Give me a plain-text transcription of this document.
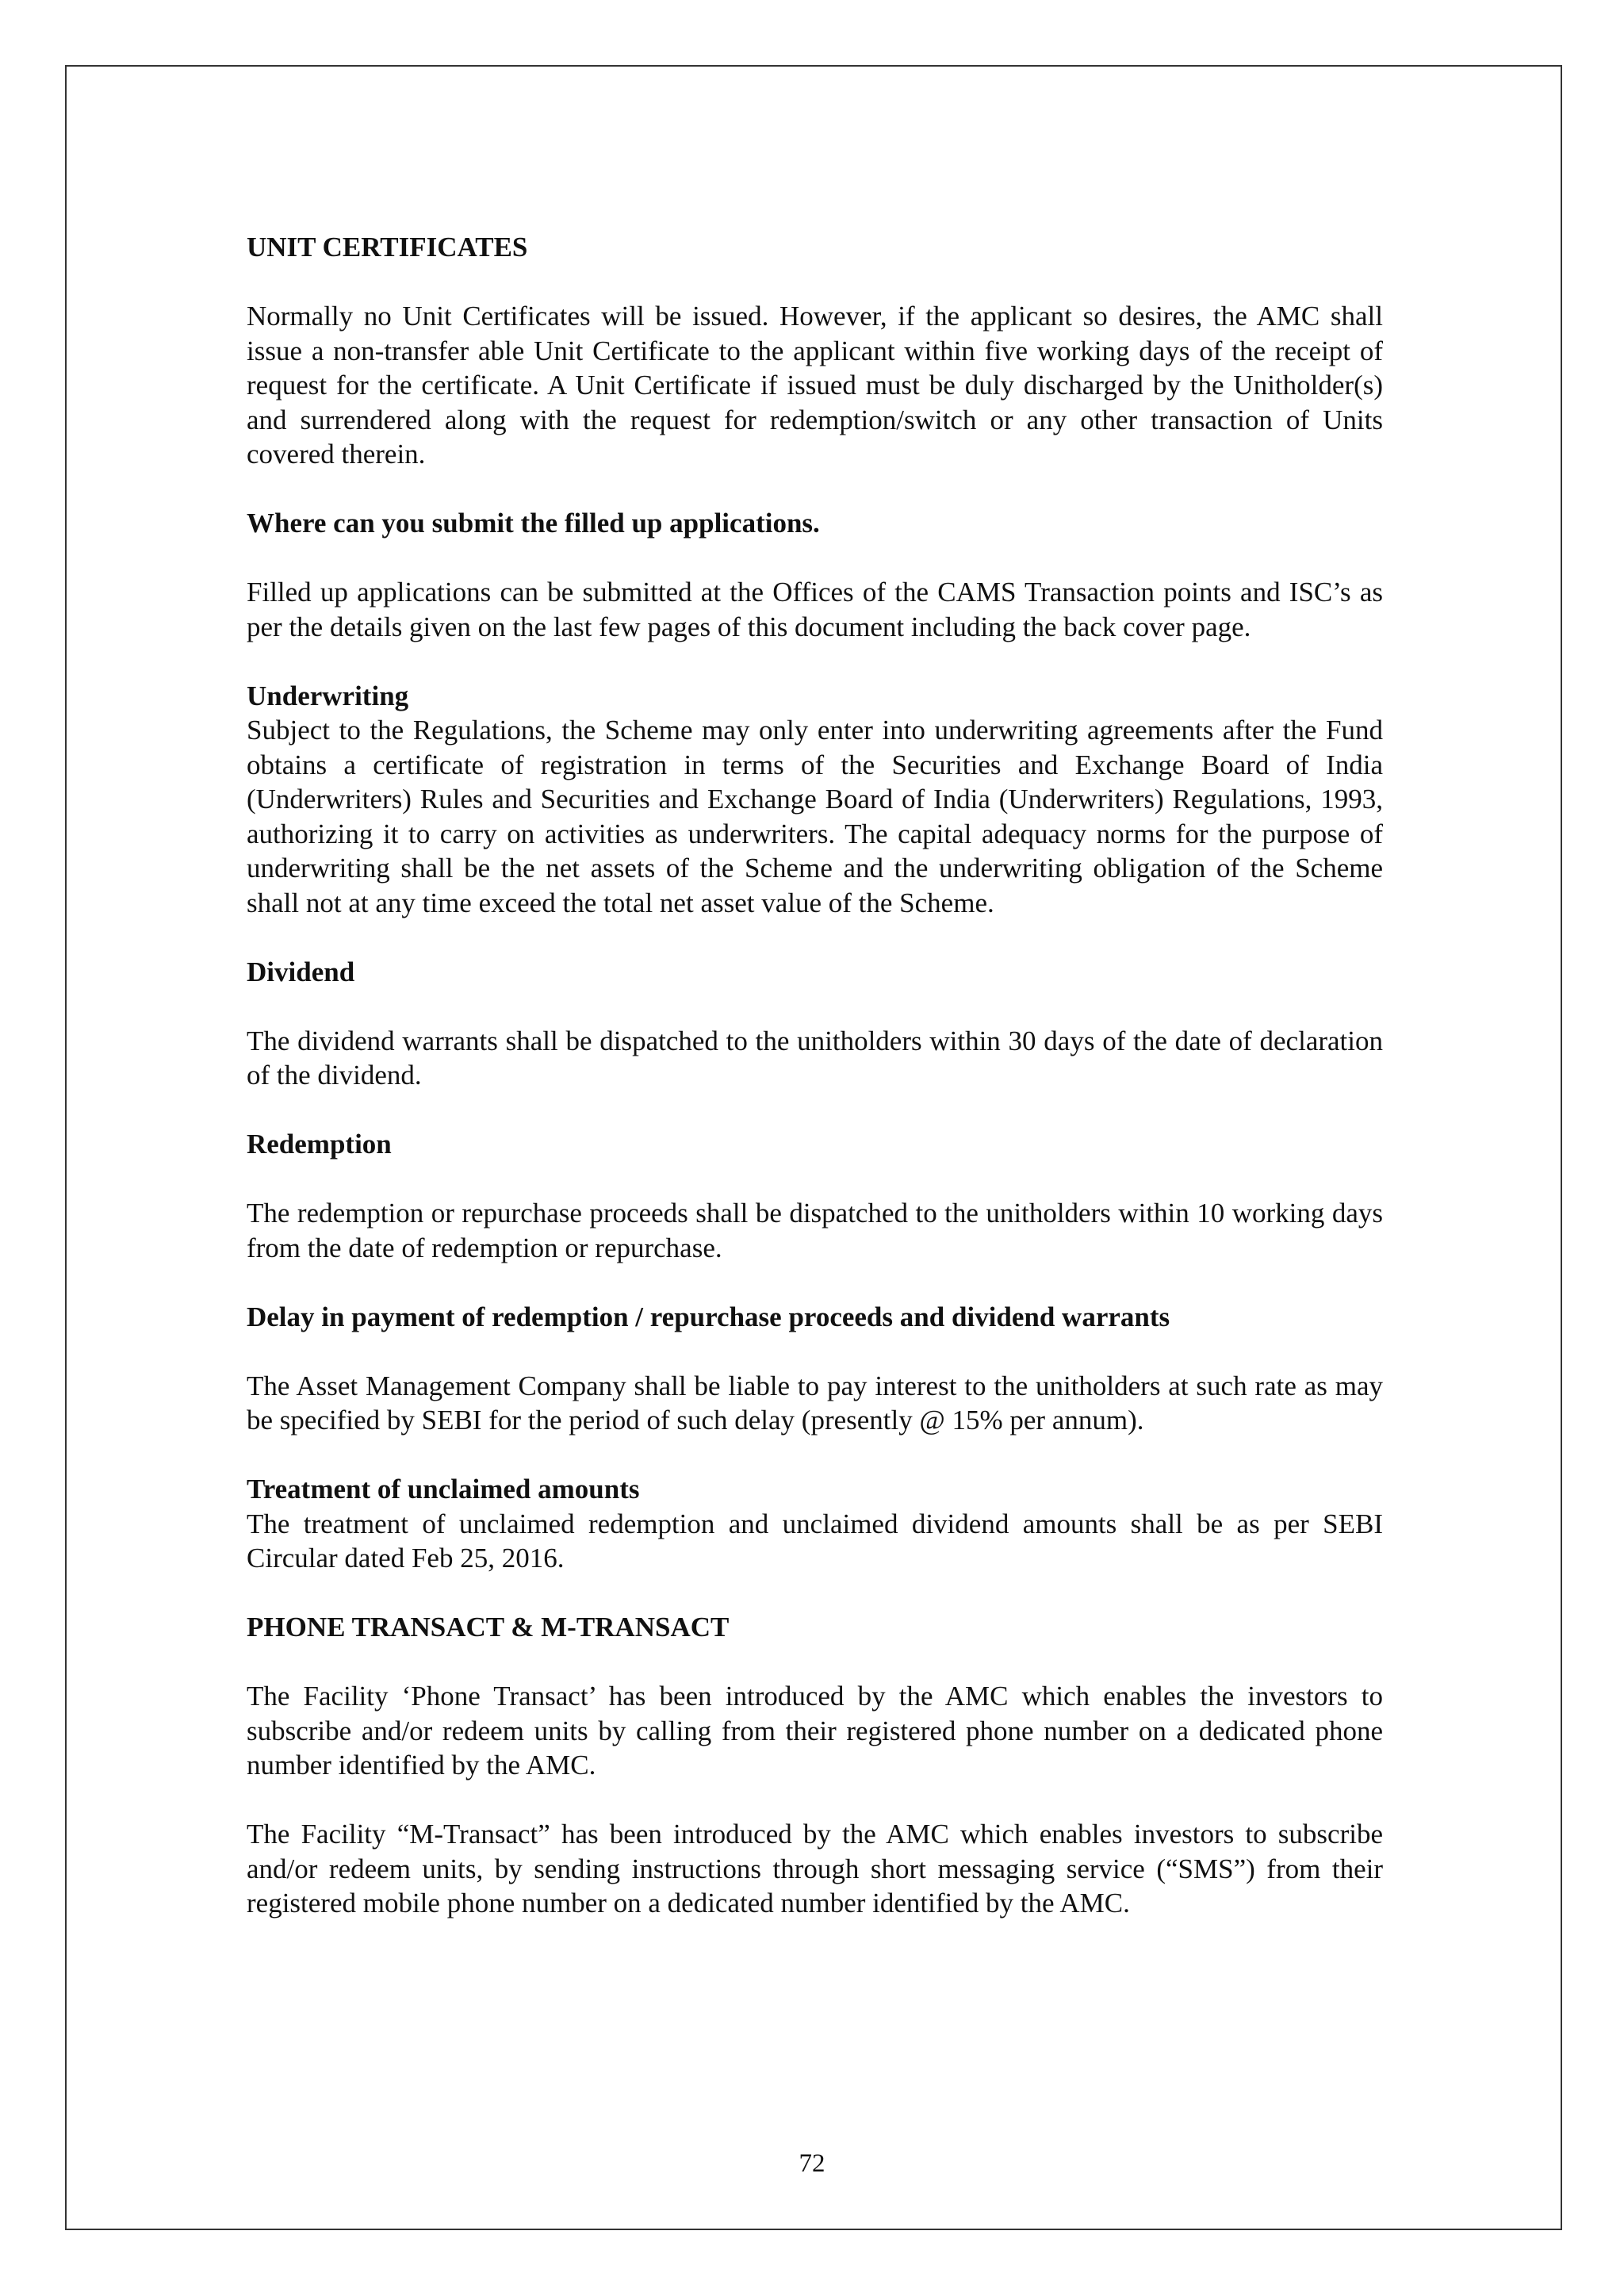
UNIT CERTIFICATES

Normally no Unit Certificates will be issued. However, if the applicant so desires, the AMC shall issue a non-transfer able Unit Certificate to the applicant within five working days of the receipt of request for the certificate. A Unit Certificate if issued must be duly discharged by the Unitholder(s) and surrendered along with the request for redemption/switch or any other transaction of Units covered therein.

Where can you submit the filled up applications.

Filled up applications can be submitted at the Offices of the CAMS Transaction points and ISC’s as per the details given on the last few pages of this document including the back cover page.

Underwriting

Subject to the Regulations, the Scheme may only enter into underwriting agreements after the Fund obtains a certificate of registration in terms of the Securities and Exchange Board of India (Underwriters) Rules and Securities and Exchange Board of India (Underwriters) Regulations, 1993, authorizing it to carry on activities as underwriters. The capital adequacy norms for the purpose of underwriting shall be the net assets of the Scheme and the underwriting obligation of the Scheme shall not at any time exceed the total net asset value of the Scheme.

Dividend

The dividend warrants shall be dispatched to the unitholders within 30 days of the date of declaration of the dividend.

Redemption

The redemption or repurchase proceeds shall be dispatched to the unitholders within 10 working days from the date of redemption or repurchase.

Delay in payment of redemption / repurchase proceeds and dividend warrants

The Asset Management Company shall be liable to pay interest to the unitholders at such rate as may be specified by SEBI for the period of such delay (presently @ 15% per annum).

Treatment of unclaimed amounts

The treatment of unclaimed redemption and unclaimed dividend amounts shall be as per SEBI Circular dated Feb 25, 2016.

PHONE TRANSACT & M-TRANSACT

The Facility ‘Phone Transact’ has been introduced by the AMC which enables the investors to subscribe and/or redeem units by calling from their registered phone number on a dedicated phone number identified by the AMC.

The Facility “M-Transact” has been introduced by the AMC which enables investors to subscribe and/or redeem units, by sending instructions through short messaging service (“SMS”) from their registered mobile phone number on a dedicated number identified by the AMC.

72
